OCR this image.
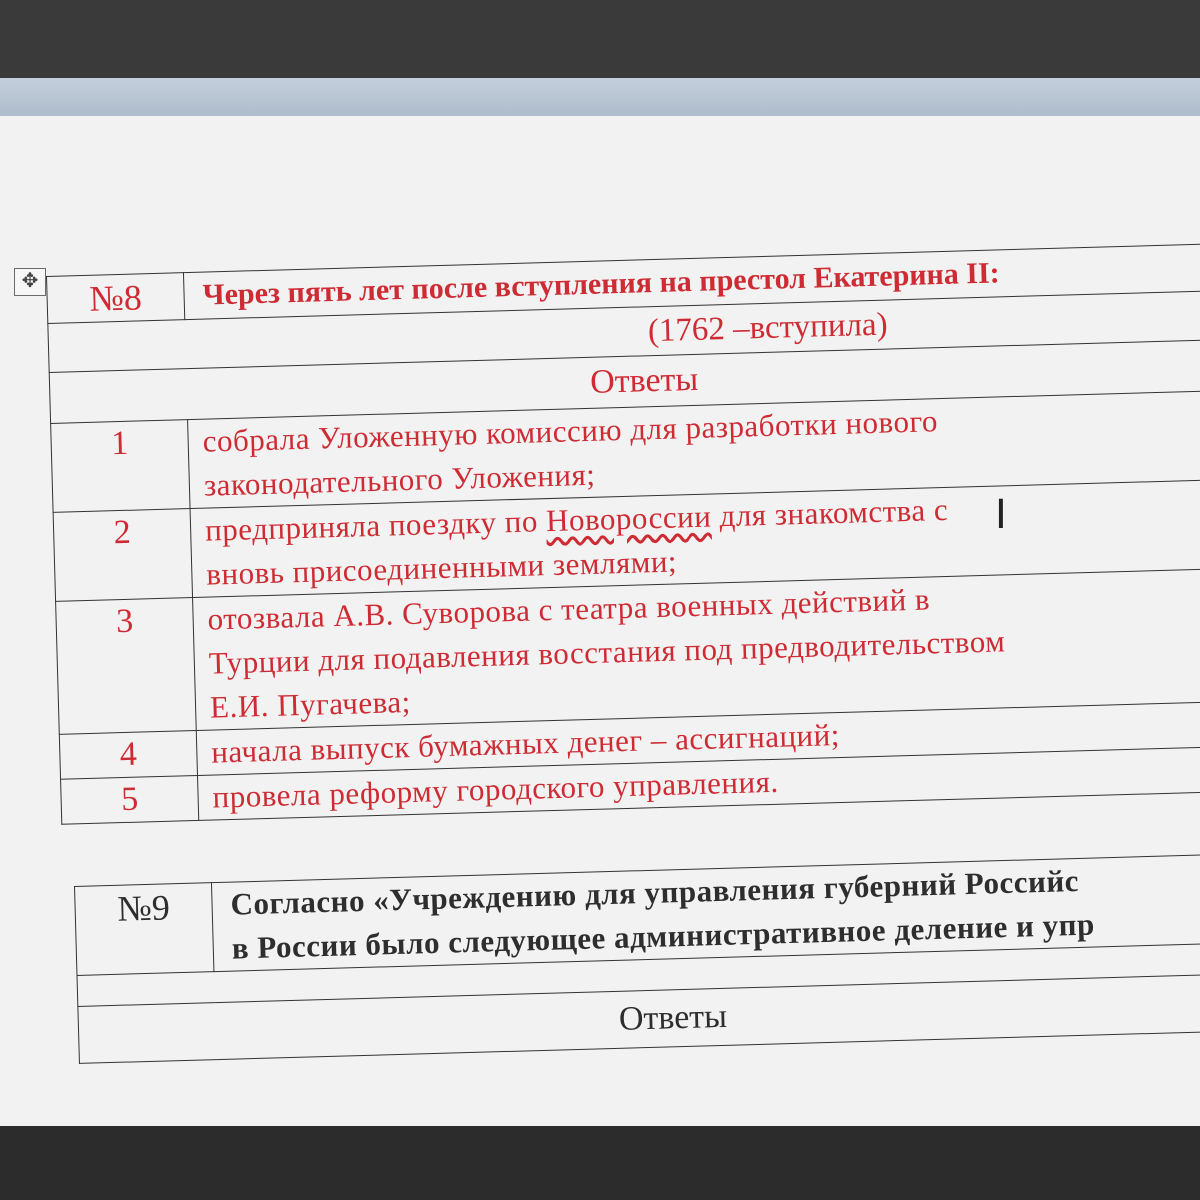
✥ №8	Через пять лет после вступления на престол Екатерина II:
(1762 –вступила)	
Ответы	
1	собрала Уложенную комиссию для разработки нового
законодательного Уложения;

2	предприняла поездку по Новороссии для знакомства с
вновь присоединенными землями;

3	отозвала А.В. Суворова с театра военных действий в
Турции для подавления восстания под предводительством
Е.И. Пугачева;

4	начала выпуск бумажных денег – ассигнаций;

5	провела реформу городского управления.
Ι
№9	Согласно «Учреждению для управления губерний Российс
в России было следующее административное деление и упр

Ответы
